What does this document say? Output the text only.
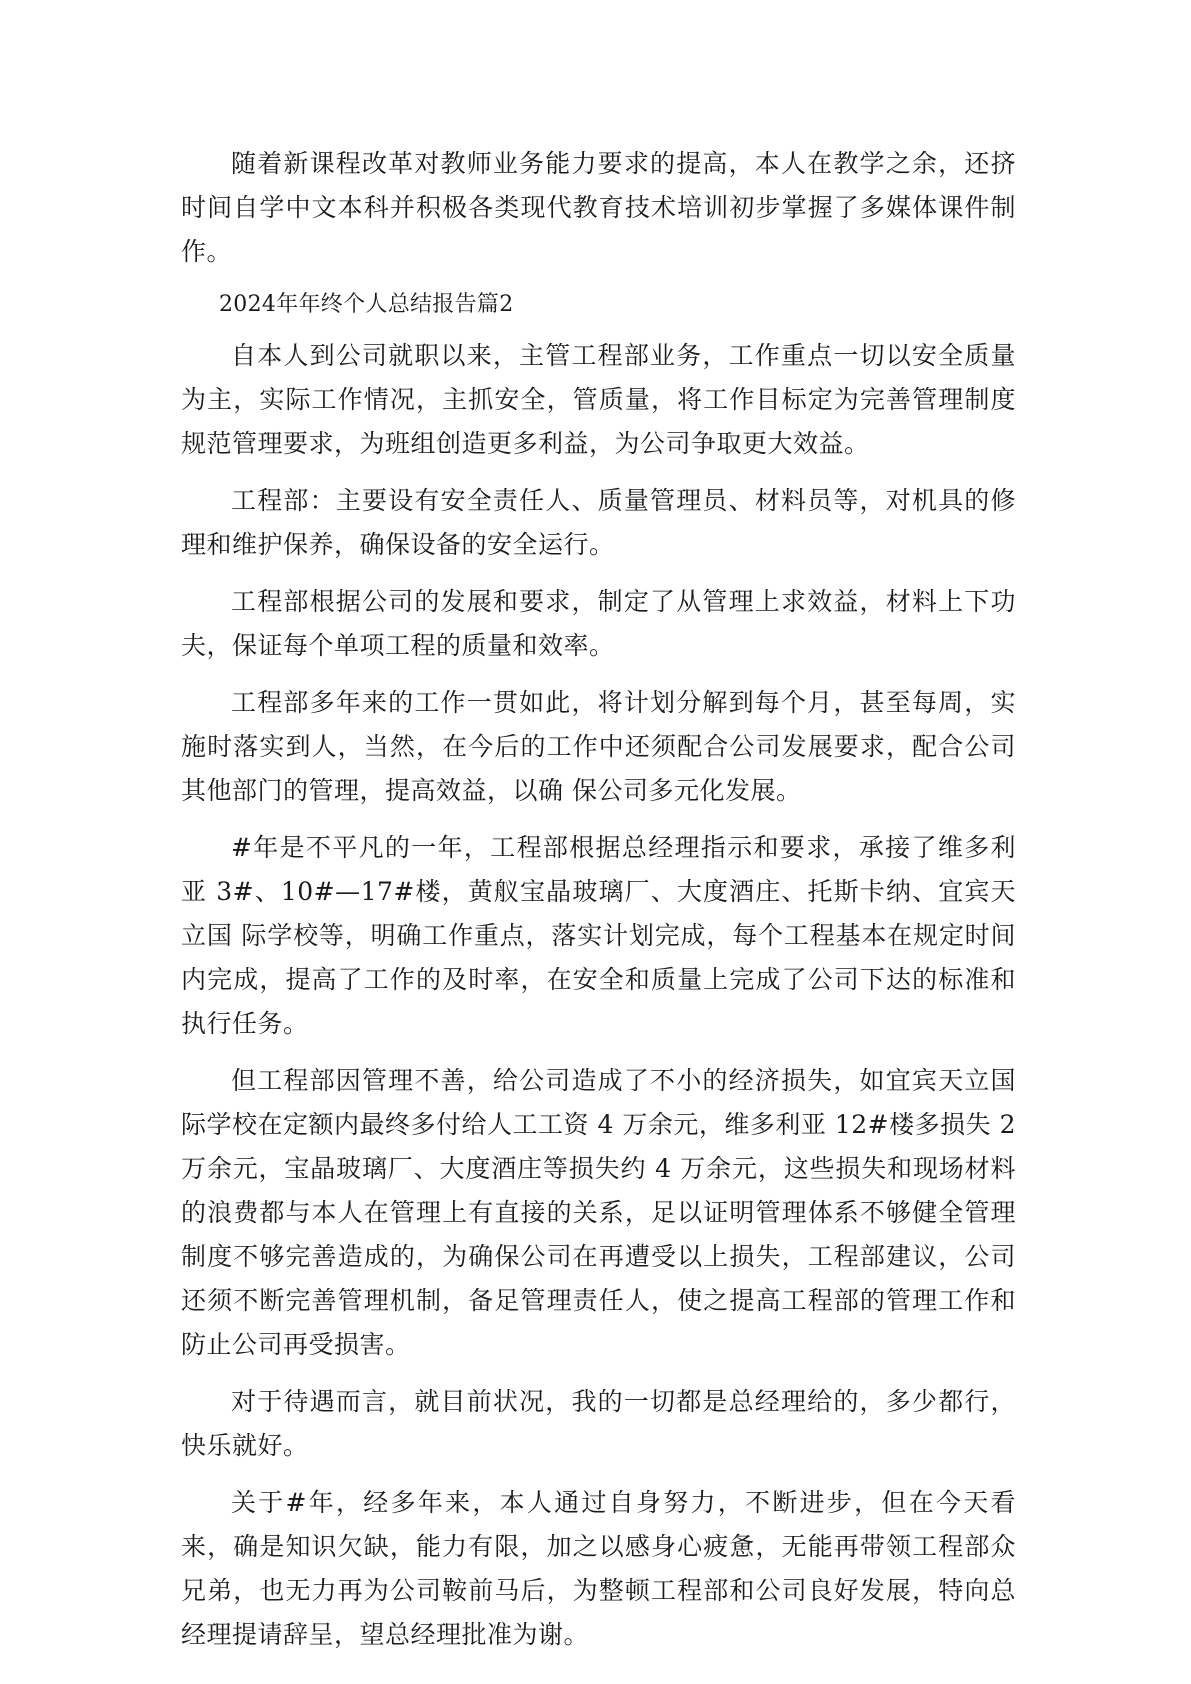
随着新课程改革对教师业务能力要求的提高，本人在教学之余，还挤时间自学中文本科并积极各类现代教育技术培训初步掌握了多媒体课件制作。

2024年年终个人总结报告篇2

自本人到公司就职以来，主管工程部业务，工作重点一切以安全质量为主，实际工作情况，主抓安全，管质量，将工作目标定为完善管理制度规范管理要求，为班组创造更多利益，为公司争取更大效益。

工程部：主要设有安全责任人、质量管理员、材料员等，对机具的修理和维护保养，确保设备的安全运行。

工程部根据公司的发展和要求，制定了从管理上求效益，材料上下功夫，保证每个单项工程的质量和效率。

工程部多年来的工作一贯如此，将计划分解到每个月，甚至每周，实施时落实到人，当然，在今后的工作中还须配合公司发展要求，配合公司其他部门的管理，提高效益，以确 保公司多元化发展。

#年是不平凡的一年，工程部根据总经理指示和要求，承接了维多利亚 3#、10#—17#楼，黄舣宝晶玻璃厂、大度酒庄、托斯卡纳、宜宾天立国 际学校等，明确工作重点，落实计划完成，每个工程基本在规定时间内完成，提高了工作的及时率，在安全和质量上完成了公司下达的标准和执行任务。

但工程部因管理不善，给公司造成了不小的经济损失，如宜宾天立国际学校在定额内最终多付给人工工资 4 万余元，维多利亚 12#楼多损失 2 万余元，宝晶玻璃厂、大度酒庄等损失约 4 万余元，这些损失和现场材料的浪费都与本人在管理上有直接的关系，足以证明管理体系不够健全管理制度不够完善造成的，为确保公司在再遭受以上损失，工程部建议，公司还须不断完善管理机制，备足管理责任人，使之提高工程部的管理工作和防止公司再受损害。

对于待遇而言，就目前状况，我的一切都是总经理给的，多少都行，快乐就好。

关于#年，经多年来，本人通过自身努力，不断进步，但在今天看来，确是知识欠缺，能力有限，加之以感身心疲惫，无能再带领工程部众兄弟，也无力再为公司鞍前马后，为整顿工程部和公司良好发展，特向总经理提请辞呈，望总经理批准为谢。
